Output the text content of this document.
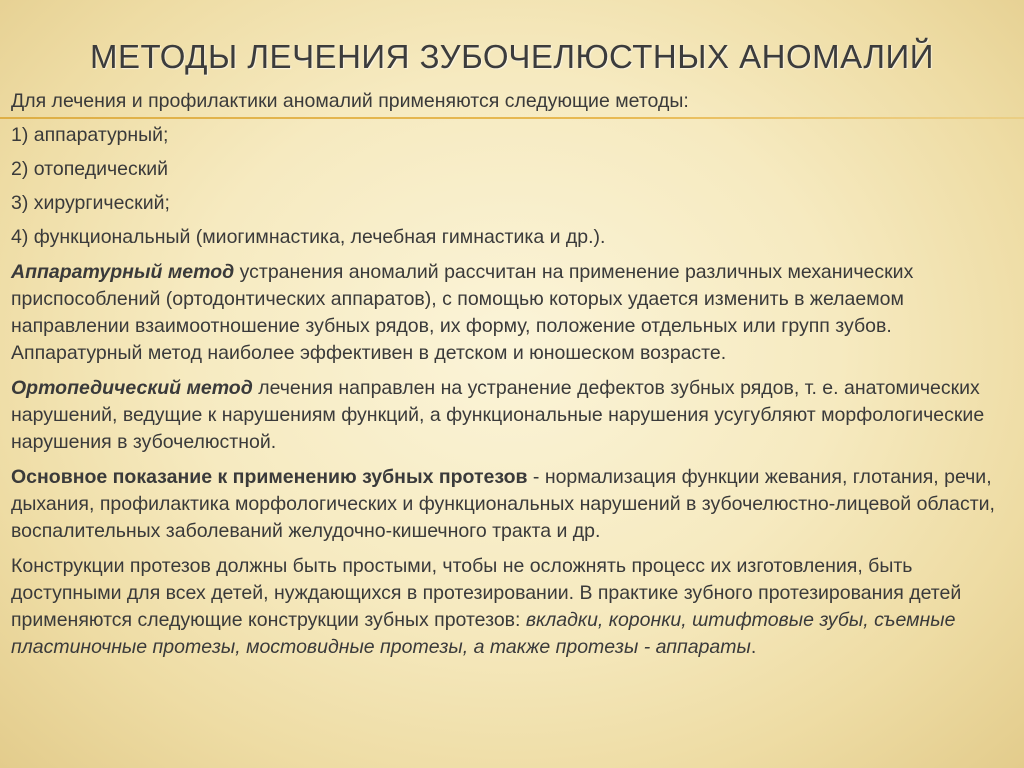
МЕТОДЫ ЛЕЧЕНИЯ ЗУБОЧЕЛЮСТНЫХ АНОМАЛИЙ

Для лечения и профилактики аномалий применяются следующие методы:

1) аппаратурный;

2) отопедический

3) хирургический;

4) функциональный (миогимнастика, лечебная гимнастика и др.).

Аппаратурный метод устранения аномалий рассчитан на применение различных механических приспособлений (ортодонтических аппаратов), с помощью которых удается изменить в желаемом направлении взаимоотношение зубных рядов, их форму, положение отдельных или групп зубов. Аппаратурный метод наиболее эффективен в детском и юношеском возрасте.

Ортопедический метод лечения направлен на устранение дефектов зубных рядов, т. е. анатомических нарушений, ведущие к нарушениям функций, а функциональные нарушения усугубляют морфологические нарушения в зубочелюстной.

Основное показание к применению зубных протезов - нормализация функции жевания, глотания, речи, дыхания, профилактика морфологических и функциональных нарушений в зубочелюстно-лицевой области, воспалительных заболеваний желудочно-кишечного тракта и др.

Конструкции протезов должны быть простыми, чтобы не осложнять процесс их изготовления, быть доступными для всех детей, нуждающихся в протезировании. В практике зубного протезирования детей применяются следующие конструкции зубных протезов: вкладки, коронки, штифтовые зубы, съемные пластиночные протезы, мостовидные протезы, а также протезы - аппараты.
